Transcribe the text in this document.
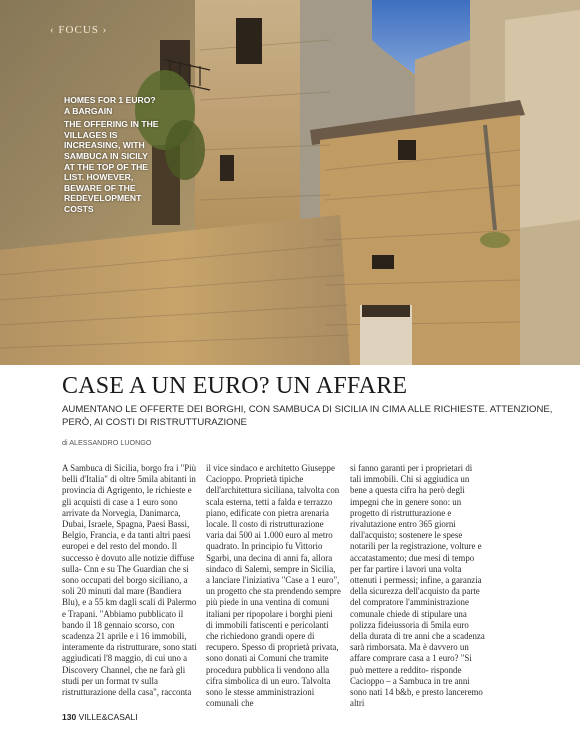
‹ FOCUS ›
HOMES FOR 1 EURO? A BARGAIN
THE OFFERING IN THE VILLAGES IS INCREASING, WITH SAMBUCA IN SICILY AT THE TOP OF THE LIST. HOWEVER, BEWARE OF THE REDEVELOPMENT COSTS
CASE A UN EURO? UN AFFARE
AUMENTANO LE OFFERTE DEI BORGHI, CON SAMBUCA DI SICILIA IN CIMA ALLE RICHIESTE. ATTENZIONE, PERÒ, AI COSTI DI RISTRUTTURAZIONE
di ALESSANDRO LUONGO

A Sambuca di Sicilia, borgo fra i "Più belli d'Italia" di oltre 5mila abitanti in provincia di Agrigento, le richieste e gli acquisti di case a 1 euro sono arrivate da Norvegia, Danimarca, Dubai, Israele, Spagna, Paesi Bassi, Belgio, Francia, e da tanti altri paesi europei e del resto del mondo. Il successo è dovuto alle notizie diffuse sulla- Cnn e su The Guardian che si sono occupati del borgo siciliano, a soli 20 minuti dal mare (Bandiera Blu), e a 55 km dagli scali di Palermo e Trapani. "Abbiamo pubblicato il bando il 18 gennaio scorso, con scadenza 21 aprile e i 16 immobili, interamente da ristrutturare, sono stati aggiudicati l'8 maggio, di cui uno a Discovery Channel, che ne farà gli studi per un format tv sulla ristrutturazione della casa", racconta

il vice sindaco e architetto Giuseppe Cacioppo. Proprietà tipiche dell'architettura siciliana, talvolta con scala esterna, tetti a falda e terrazzo piano, edificate con pietra arenaria locale. Il costo di ristrutturazione varia dai 500 ai 1.000 euro al metro quadrato. In principio fu Vittorio Sgarbi, una decina di anni fa, allora sindaco di Salemi, sempre in Sicilia, a lanciare l'iniziativa "Case a 1 euro", un progetto che sta prendendo sempre più piede in una ventina di comuni italiani per ripopolare i borghi pieni di immobili fatiscenti e pericolanti che richiedono grandi opere di recupero. Spesso di proprietà privata, sono donati ai Comuni che tramite procedura pubblica li vendono alla cifra simbolica di un euro. Talvolta sono le stesse amministrazioni comunali che

si fanno garanti per i proprietari di tali immobili. Chi si aggiudica un bene a questa cifra ha però degli impegni che in genere sono: un progetto di ristrutturazione e rivalutazione entro 365 giorni dall'acquisto; sostenere le spese notarili per la registrazione, volture e accatastamento; due mesi di tempo per far partire i lavori una volta ottenuti i permessi; infine, a garanzia della sicurezza dell'acquisto da parte del compratore l'amministrazione comunale chiede di stipulare una polizza fideiussoria di 5mila euro della durata di tre anni che a scadenza sarà rimborsata. Ma è davvero un affare comprare casa a 1 euro? "Si può mettere a reddito- risponde Cacioppo – a Sambuca in tre anni sono nati 14 b&b, e presto lanceremo altri

130 VILLE&CASALI
